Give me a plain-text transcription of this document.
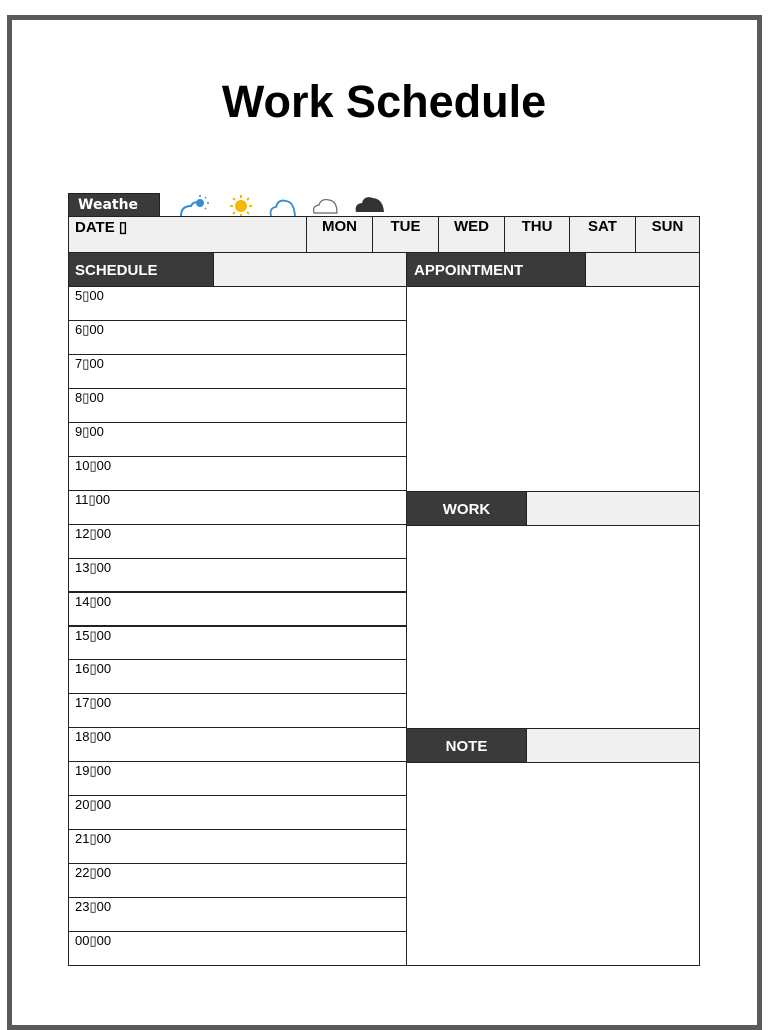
Work Schedule
Weathe
DATE ▯	MON	TUE	WED	THU	SAT	SUN
SCHEDULE	APPOINTMENT
5▯00
6▯00
7▯00
8▯00
9▯00
10▯00
11▯00
12▯00
13▯00
14▯00
15▯00
16▯00
17▯00
18▯00
19▯00
20▯00
21▯00
22▯00
23▯00
00▯00
WORK
NOTE
